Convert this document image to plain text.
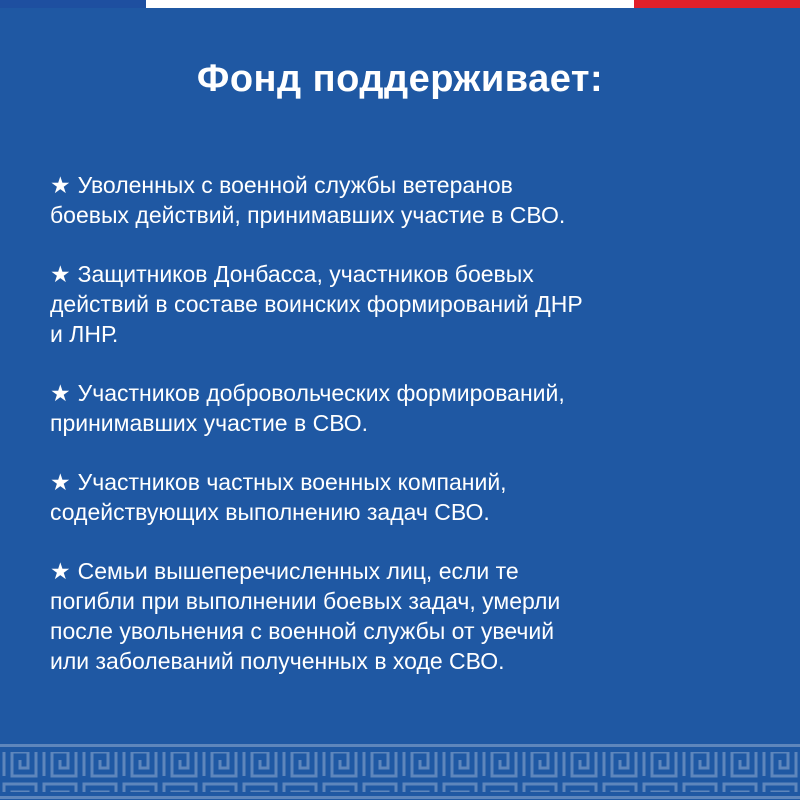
Фонд поддерживает:
★ Уволенных с военной службы ветеранов
боевых действий, принимавших участие в СВО.
★ Защитников Донбасса, участников боевых
действий в составе воинских формирований ДНР
и ЛНР.
★ Участников добровольческих формирований,
принимавших участие в СВО.
★ Участников частных военных компаний,
содействующих выполнению задач СВО.
★ Семьи вышеперечисленных лиц, если те
погибли при выполнении боевых задач, умерли
после увольнения с военной службы от увечий
или заболеваний полученных в ходе СВО.
